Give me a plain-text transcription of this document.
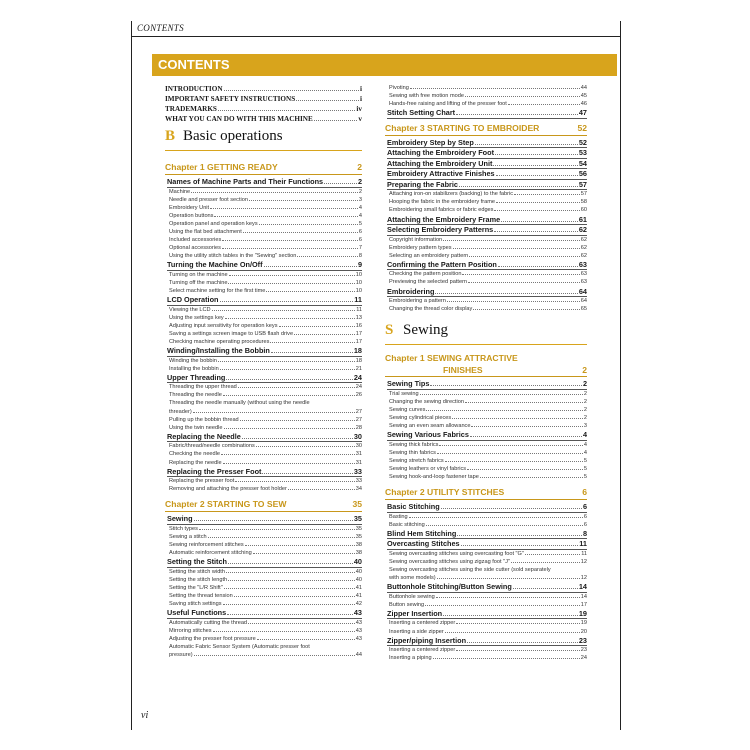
CONTENTS
CONTENTS
INTRODUCTION	i
IMPORTANT SAFETY INSTRUCTIONS	i
TRADEMARKS	iv
WHAT YOU CAN DO WITH THIS MACHINE	v
B Basic operations
Chapter 1 GETTING READY	2
Names of Machine Parts and Their Functions	2
Machine	2
Needle and presser foot section	3
Embroidery Unit	4
Operation buttons	4
Operation panel and operation keys	5
Using the flat bed attachment	6
Included accessories	6
Optional accessories	7
Using the utility stitch tables in the "Sewing" section	8
Turning the Machine On/Off	9
Turning on the machine	10
Turning off the machine	10
Select machine setting for the first time	10
LCD Operation	11
Viewing the LCD	11
Using the settings key	13
Adjusting input sensitivity for operation keys	16
Saving a settings screen image to USB flash drive	17
Checking machine operating procedures	17
Winding/Installing the Bobbin	18
Winding the bobbin	18
Installing the bobbin	21
Upper Threading	24
Threading the upper thread	24
Threading the needle	26
Threading the needle manually (without using the needle
threader)	27
Pulling up the bobbin thread	27
Using the twin needle	28
Replacing the Needle	30
Fabric/thread/needle combinations	30
Checking the needle	31
Replacing the needle	31
Replacing the Presser Foot	33
Replacing the presser foot	33
Removing and attaching the presser foot holder	34
Chapter 2 STARTING TO SEW	35
Sewing	35
Stitch types	35
Sewing a stitch	35
Sewing reinforcement stitches	38
Automatic reinforcement stitching	38
Setting the Stitch	40
Setting the stitch width	40
Setting the stitch length	40
Setting the "L/R Shift"	41
Setting the thread tension	41
Saving stitch settings	42
Useful Functions	43
Automatically cutting the thread	43
Mirroring stitches	43
Adjusting the presser foot pressure	43
Automatic Fabric Sensor System (Automatic presser foot
pressure)	44
Pivoting	44
Sewing with free motion mode	45
Hands-free raising and lifting of the presser foot	46
Stitch Setting Chart	47
Chapter 3 STARTING TO EMBROIDER	52
Embroidery Step by Step	52
Attaching the Embroidery Foot	53
Attaching the Embroidery Unit	54
Embroidery Attractive Finishes	56
Preparing the Fabric	57
Attaching iron-on stabilizers (backing) to the fabric	57
Hooping the fabric in the embroidery frame	58
Embroidering small fabrics or fabric edges	60
Attaching the Embroidery Frame	61
Selecting Embroidery Patterns	62
Copyright information	62
Embroidery pattern types	62
Selecting an embroidery pattern	62
Confirming the Pattern Position	63
Checking the pattern position	63
Previewing the selected pattern	63
Embroidering	64
Embroidering a pattern	64
Changing the thread color display	65
S Sewing
Chapter 1 SEWING ATTRACTIVE
FINISHES	2
Sewing Tips	2
Trial sewing	2
Changing the sewing direction	2
Sewing curves	2
Sewing cylindrical pieces	2
Sewing an even seam allowance	3
Sewing Various Fabrics	4
Sewing thick fabrics	4
Sewing thin fabrics	4
Sewing stretch fabrics	5
Sewing leathers or vinyl fabrics	5
Sewing hook-and-loop fastener tape	5
Chapter 2 UTILITY STITCHES	6
Basic Stitching	6
Basting	6
Basic stitching	6
Blind Hem Stitching	8
Overcasting Stitches	11
Sewing overcasting stitches using overcasting foot "G"	11
Sewing overcasting stitches using zigzag foot "J"	12
Sewing overcasting stitches using the side cutter (sold separately
with some models)	12
Buttonhole Stitching/Button Sewing	14
Buttonhole sewing	14
Button sewing	17
Zipper Insertion	19
Inserting a centered zipper	19
Inserting a side zipper	20
Zipper/piping Insertion	23
Inserting a centered zipper	23
Inserting a piping	24
vi
